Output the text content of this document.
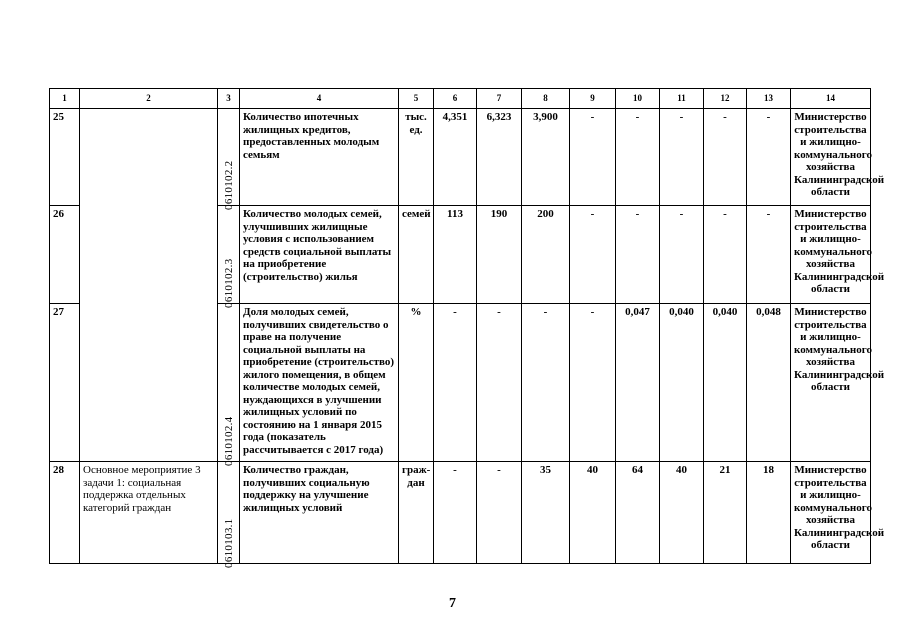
1	2	3	4	5	6	7	8	9	10	11	12	13	14
25		0610102.2	Количество ипотечных жилищных кредитов, предоставленных молодым семьям	тыс. ед.	4,351	6,323	3,900	-	-	-	-	-	Министерство строительства и жилищно-коммунального хозяйства Калининградской области
26		0610102.3	Количество молодых семей, улучшивших жилищные условия с использованием средств социальной выплаты на приобретение (строительство) жилья	семей	113	190	200	-	-	-	-	-	Министерство строительства и жилищно-коммунального хозяйства Калининградской области
27		0610102.4	Доля молодых семей, получивших свидетельство о праве на получение социальной выплаты на приобретение (строительство) жилого помещения, в общем количестве молодых семей, нуждающихся в улучшении жилищных условий по состоянию на 1 января 2015 года (показатель рассчитывается с 2017 года)	%	-	-	-	-	0,047	0,040	0,040	0,048	Министерство строительства и жилищно-коммунального хозяйства Калининградской области
28	Основное мероприятие 3 задачи 1: социальная поддержка отдельных категорий граждан	0610103.1	Количество граждан, получивших социальную поддержку на улучшение жилищных условий	граж-дан	-	-	35	40	64	40	21	18	Министерство строительства и жилищно-коммунального хозяйства Калининградской области
7
